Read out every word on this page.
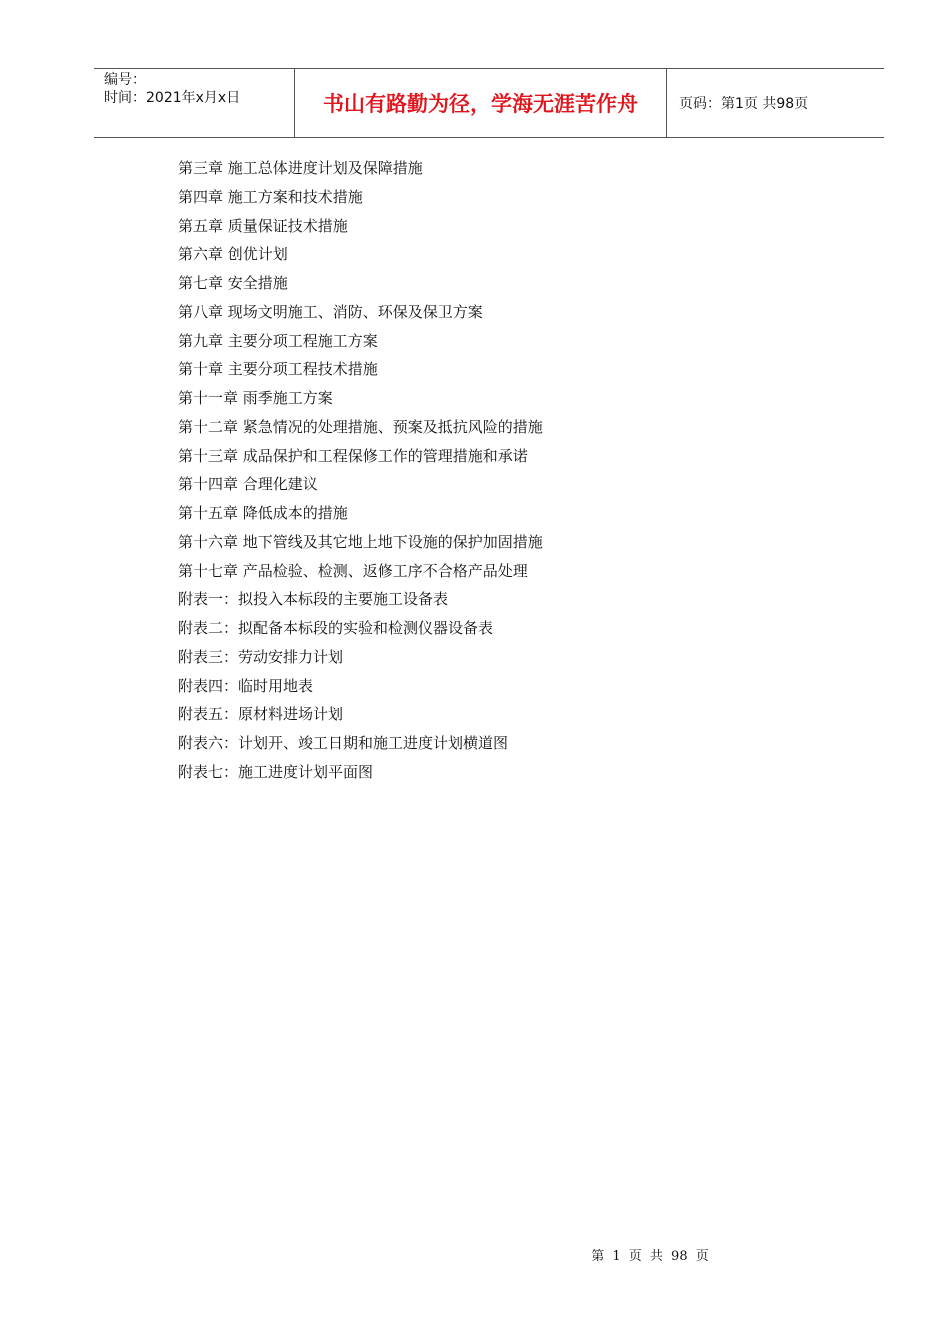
编号：
时间：2021年x月x日	书山有路勤为径，学海无涯苦作舟	页码：第1页 共98页
第三章 施工总体进度计划及保障措施
第四章 施工方案和技术措施
第五章 质量保证技术措施
第六章 创优计划
第七章 安全措施
第八章 现场文明施工、消防、环保及保卫方案
第九章 主要分项工程施工方案
第十章 主要分项工程技术措施
第十一章 雨季施工方案
第十二章 紧急情况的处理措施、预案及抵抗风险的措施
第十三章 成品保护和工程保修工作的管理措施和承诺
第十四章 合理化建议
第十五章 降低成本的措施
第十六章 地下管线及其它地上地下设施的保护加固措施
第十七章 产品检验、检测、返修工序不合格产品处理
附表一：拟投入本标段的主要施工设备表
附表二：拟配备本标段的实验和检测仪器设备表
附表三：劳动安排力计划
附表四：临时用地表
附表五：原材料进场计划
附表六：计划开、竣工日期和施工进度计划横道图
附表七：施工进度计划平面图
第 1 页 共 98 页
